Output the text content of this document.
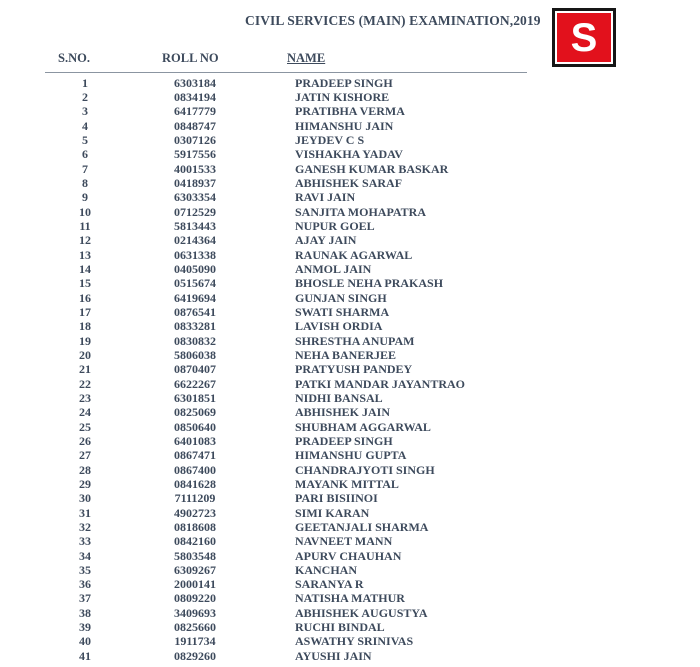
CIVIL SERVICES (MAIN) EXAMINATION,2019 S
S.NO.	ROLL NO	NAME
1	6303184	PRADEEP SINGH
2	0834194	JATIN KISHORE
3	6417779	PRATIBHA VERMA
4	0848747	HIMANSHU JAIN
5	0307126	JEYDEV C S
6	5917556	VISHAKHA YADAV
7	4001533	GANESH KUMAR BASKAR
8	0418937	ABHISHEK SARAF
9	6303354	RAVI JAIN
10	0712529	SANJITA MOHAPATRA
11	5813443	NUPUR GOEL
12	0214364	AJAY JAIN
13	0631338	RAUNAK AGARWAL
14	0405090	ANMOL JAIN
15	0515674	BHOSLE NEHA PRAKASH
16	6419694	GUNJAN SINGH
17	0876541	SWATI SHARMA
18	0833281	LAVISH ORDIA
19	0830832	SHRESTHA ANUPAM
20	5806038	NEHA BANERJEE
21	0870407	PRATYUSH PANDEY
22	6622267	PATKI MANDAR JAYANTRAO
23	6301851	NIDHI BANSAL
24	0825069	ABHISHEK JAIN
25	0850640	SHUBHAM AGGARWAL
26	6401083	PRADEEP SINGH
27	0867471	HIMANSHU GUPTA
28	0867400	CHANDRAJYOTI SINGH
29	0841628	MAYANK MITTAL
30	7111209	PARI BISIINOI
31	4902723	SIMI KARAN
32	0818608	GEETANJALI SHARMA
33	0842160	NAVNEET MANN
34	5803548	APURV CHAUHAN
35	6309267	KANCHAN
36	2000141	SARANYA R
37	0809220	NATISHA MATHUR
38	3409693	ABHISHEK AUGUSTYA
39	0825660	RUCHI BINDAL
40	1911734	ASWATHY SRINIVAS
41	0829260	AYUSHI JAIN
